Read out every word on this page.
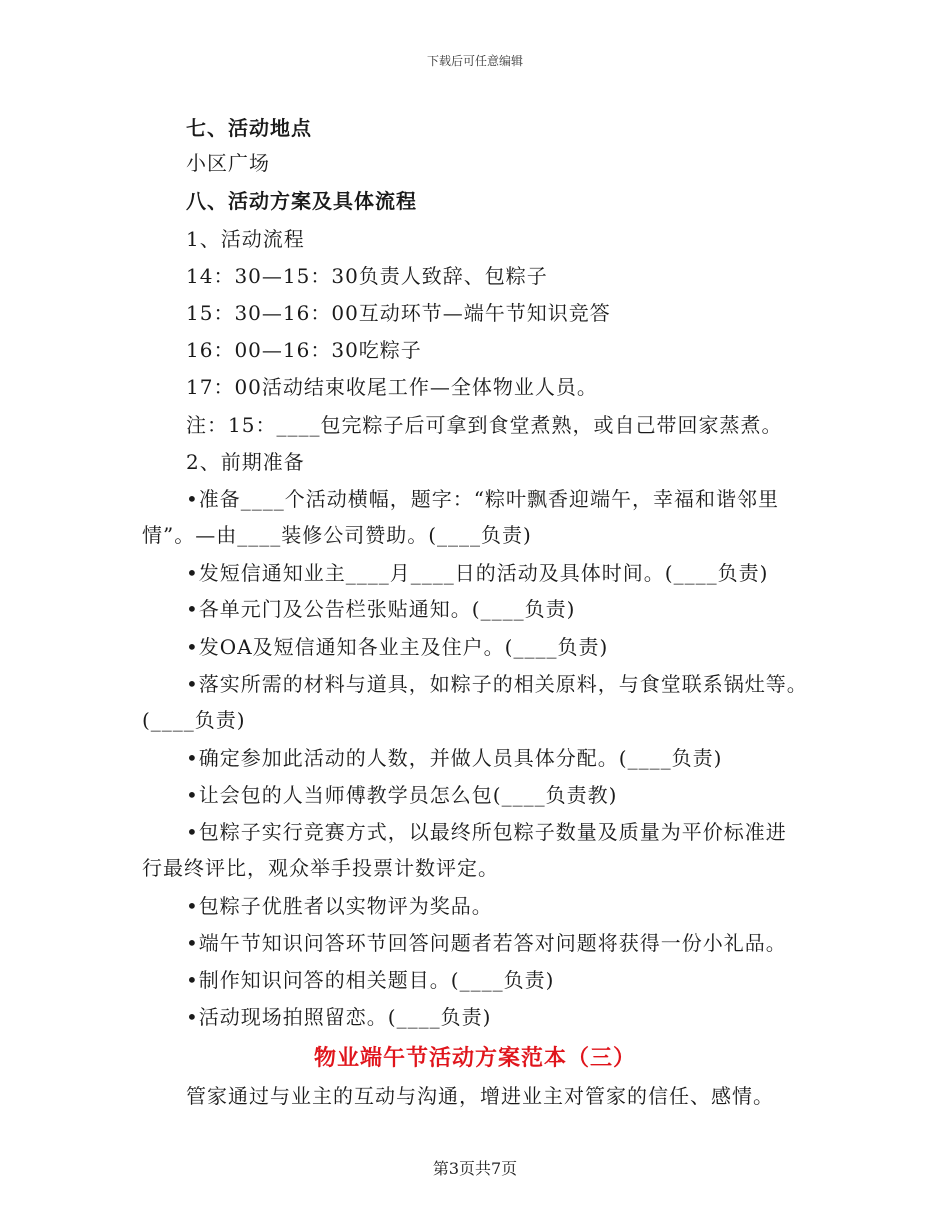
下载后可任意编辑
七、活动地点
小区广场
八、活动方案及具体流程
1、活动流程
14：30—15：30负责人致辞、包粽子
15：30—16：00互动环节—端午节知识竞答
16：00—16：30吃粽子
17：00活动结束收尾工作—全体物业人员。
注：15：____包完粽子后可拿到食堂煮熟，或自己带回家蒸煮。
2、前期准备
•准备____个活动横幅，题字：“粽叶飘香迎端午，幸福和谐邻里
情”。—由____装修公司赞助。(____负责)
•发短信通知业主____月____日的活动及具体时间。(____负责)
•各单元门及公告栏张贴通知。(____负责)
•发OA及短信通知各业主及住户。(____负责)
•落实所需的材料与道具，如粽子的相关原料，与食堂联系锅灶等。
(____负责)
•确定参加此活动的人数，并做人员具体分配。(____负责)
•让会包的人当师傅教学员怎么包(____负责教)
•包粽子实行竞赛方式，以最终所包粽子数量及质量为平价标准进
行最终评比，观众举手投票计数评定。
•包粽子优胜者以实物评为奖品。
•端午节知识问答环节回答问题者若答对问题将获得一份小礼品。
•制作知识问答的相关题目。(____负责)
•活动现场拍照留恋。(____负责)
物业端午节活动方案范本（三）
管家通过与业主的互动与沟通，增进业主对管家的信任、感情。
第3页共7页
